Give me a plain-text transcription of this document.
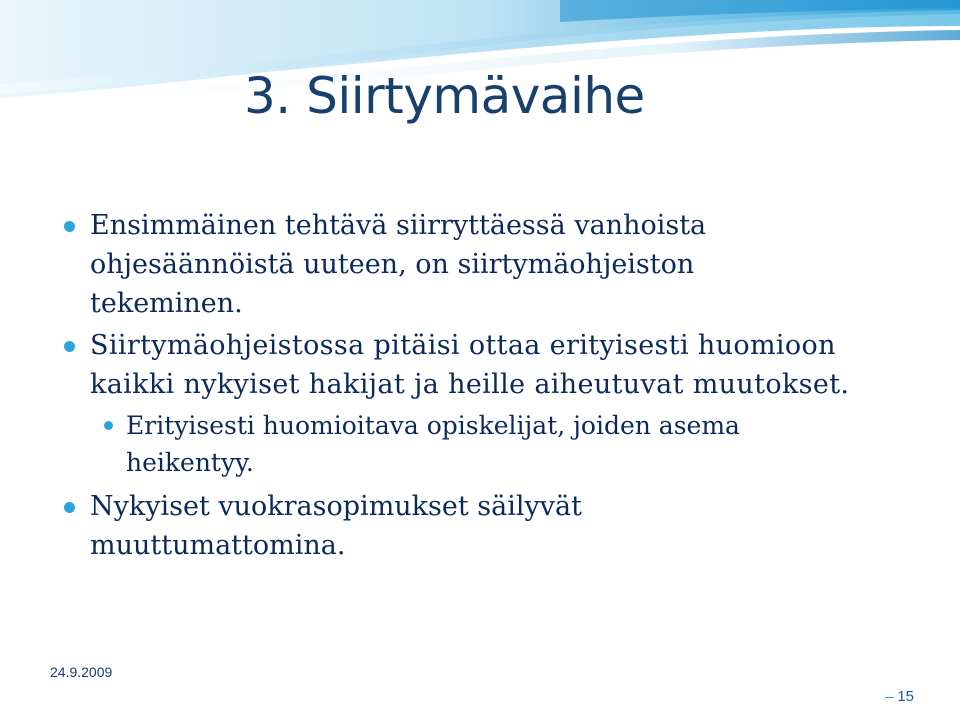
3. Siirtymävaihe
Ensimmäinen tehtävä siirryttäessä vanhoista
ohjesäännöistä uuteen, on siirtymäohjeiston
tekeminen.
Siirtymäohjeistossa pitäisi ottaa erityisesti huomioon
kaikki nykyiset hakijat ja heille aiheutuvat muutokset.
Erityisesti huomioitava opiskelijat, joiden asema
heikentyy.
Nykyiset vuokrasopimukset säilyvät
muuttumattomina.
24.9.2009
15
